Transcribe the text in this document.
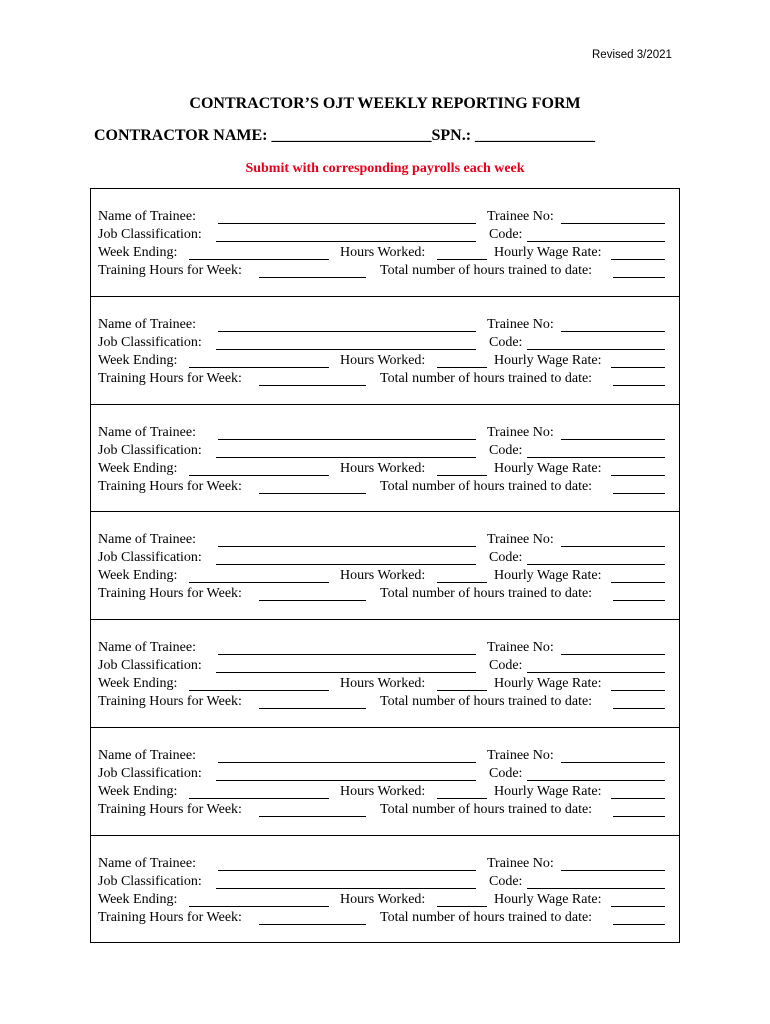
Revised 3/2021
CONTRACTOR’S OJT WEEKLY REPORTING FORM
CONTRACTOR NAME: ____________________SPN.: _______________
Submit with corresponding payrolls each week
Name of Trainee:	Trainee No:
Job Classification:	Code:
Week Ending:	Hours Worked:	Hourly Wage Rate:
Training Hours for Week:	Total number of hours trained to date:
Name of Trainee:	Trainee No:
Job Classification:	Code:
Week Ending:	Hours Worked:	Hourly Wage Rate:
Training Hours for Week:	Total number of hours trained to date:
Name of Trainee:	Trainee No:
Job Classification:	Code:
Week Ending:	Hours Worked:	Hourly Wage Rate:
Training Hours for Week:	Total number of hours trained to date:
Name of Trainee:	Trainee No:
Job Classification:	Code:
Week Ending:	Hours Worked:	Hourly Wage Rate:
Training Hours for Week:	Total number of hours trained to date:
Name of Trainee:	Trainee No:
Job Classification:	Code:
Week Ending:	Hours Worked:	Hourly Wage Rate:
Training Hours for Week:	Total number of hours trained to date:
Name of Trainee:	Trainee No:
Job Classification:	Code:
Week Ending:	Hours Worked:	Hourly Wage Rate:
Training Hours for Week:	Total number of hours trained to date:
Name of Trainee:	Trainee No:
Job Classification:	Code:
Week Ending:	Hours Worked:	Hourly Wage Rate:
Training Hours for Week:	Total number of hours trained to date:
